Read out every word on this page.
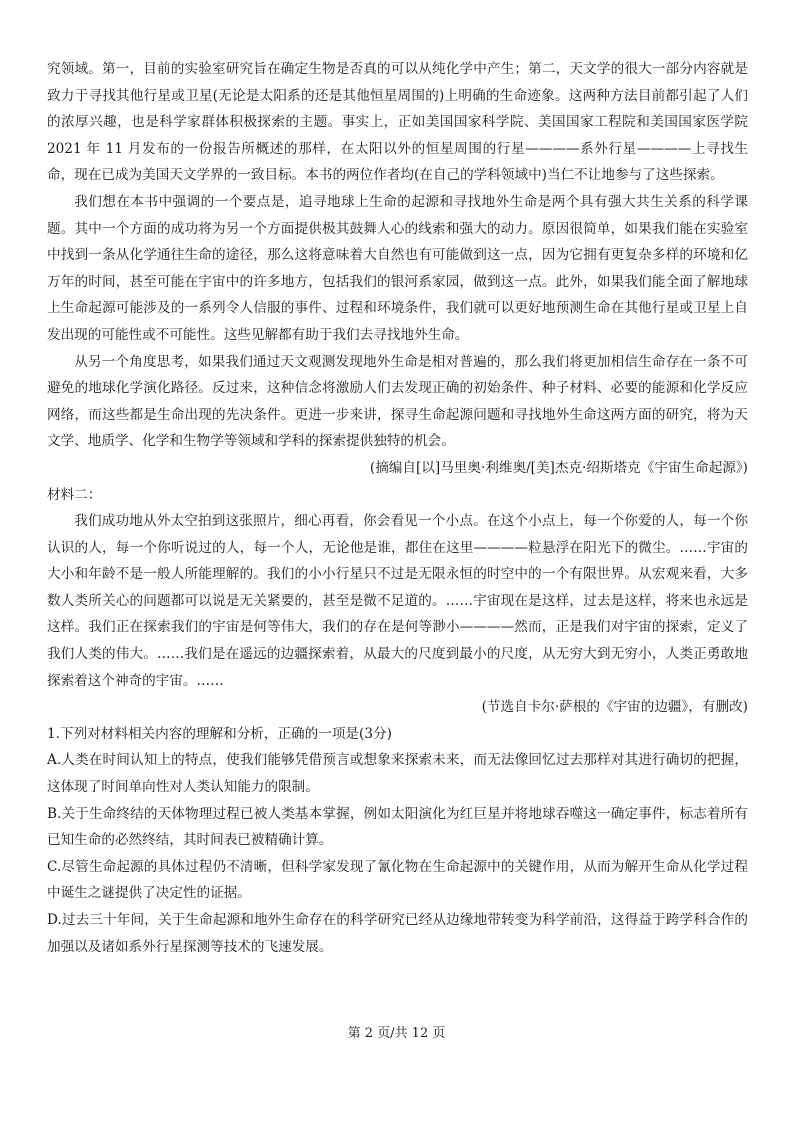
究领域。第一，目前的实验室研究旨在确定生物是否真的可以从纯化学中产生；第二，天文学的很大一部分内容就是致力于寻找其他行星或卫星(无论是太阳系的还是其他恒星周围的)上明确的生命迹象。这两种方法目前都引起了人们的浓厚兴趣，也是科学家群体积极探索的主题。事实上，正如美国国家科学院、美国国家工程院和美国国家医学院 2021 年 11 月发布的一份报告所概述的那样，在太阳以外的恒星周围的行星————系外行星————上寻找生命，现在已成为美国天文学界的一致目标。本书的两位作者均(在自己的学科领域中)当仁不让地参与了这些探索。

我们想在本书中强调的一个要点是，追寻地球上生命的起源和寻找地外生命是两个具有强大共生关系的科学课题。其中一个方面的成功将为另一个方面提供极其鼓舞人心的线索和强大的动力。原因很简单，如果我们能在实验室中找到一条从化学通往生命的途径，那么这将意味着大自然也有可能做到这一点，因为它拥有更复杂多样的环境和亿万年的时间，甚至可能在宇宙中的许多地方，包括我们的银河系家园，做到这一点。此外，如果我们能全面了解地球上生命起源可能涉及的一系列令人信服的事件、过程和环境条件，我们就可以更好地预测生命在其他行星或卫星上自发出现的可能性或不可能性。这些见解都有助于我们去寻找地外生命。

从另一个角度思考，如果我们通过天文观测发现地外生命是相对普遍的，那么我们将更加相信生命存在一条不可避免的地球化学演化路径。反过来，这种信念将激励人们去发现正确的初始条件、种子材料、必要的能源和化学反应网络，而这些都是生命出现的先决条件。更进一步来讲，探寻生命起源问题和寻找地外生命这两方面的研究，将为天文学、地质学、化学和生物学等领域和学科的探索提供独特的机会。

(摘编自[以]马里奥·利维奥/[美]杰克·绍斯塔克《宇宙生命起源》)

材料二：

我们成功地从外太空拍到这张照片，细心再看，你会看见一个小点。在这个小点上，每一个你爱的人，每一个你认识的人，每一个你听说过的人，每一个人，无论他是谁，都住在这里————粒悬浮在阳光下的微尘。……宇宙的大小和年龄不是一般人所能理解的。我们的小小行星只不过是无限永恒的时空中的一个有限世界。从宏观来看，大多数人类所关心的问题都可以说是无关紧要的，甚至是微不足道的。……宇宙现在是这样，过去是这样，将来也永远是这样。我们正在探索我们的宇宙是何等伟大，我们的存在是何等渺小————然而，正是我们对宇宙的探索，定义了我们人类的伟大。……我们是在遥远的边疆探索着，从最大的尺度到最小的尺度，从无穷大到无穷小，人类正勇敢地探索着这个神奇的宇宙。……

(节选自卡尔·萨根的《宇宙的边疆》，有删改)

1.下列对材料相关内容的理解和分析，正确的一项是(3分)

A.人类在时间认知上的特点，使我们能够凭借预言或想象来探索未来，而无法像回忆过去那样对其进行确切的把握，这体现了时间单向性对人类认知能力的限制。

B.关于生命终结的天体物理过程已被人类基本掌握，例如太阳演化为红巨星并将地球吞噬这一确定事件，标志着所有已知生命的必然终结，其时间表已被精确计算。

C.尽管生命起源的具体过程仍不清晰，但科学家发现了氰化物在生命起源中的关键作用，从而为解开生命从化学过程中诞生之谜提供了决定性的证据。

D.过去三十年间，关于生命起源和地外生命存在的科学研究已经从边缘地带转变为科学前沿，这得益于跨学科合作的加强以及诸如系外行星探测等技术的飞速发展。

第 2 页/共 12 页
